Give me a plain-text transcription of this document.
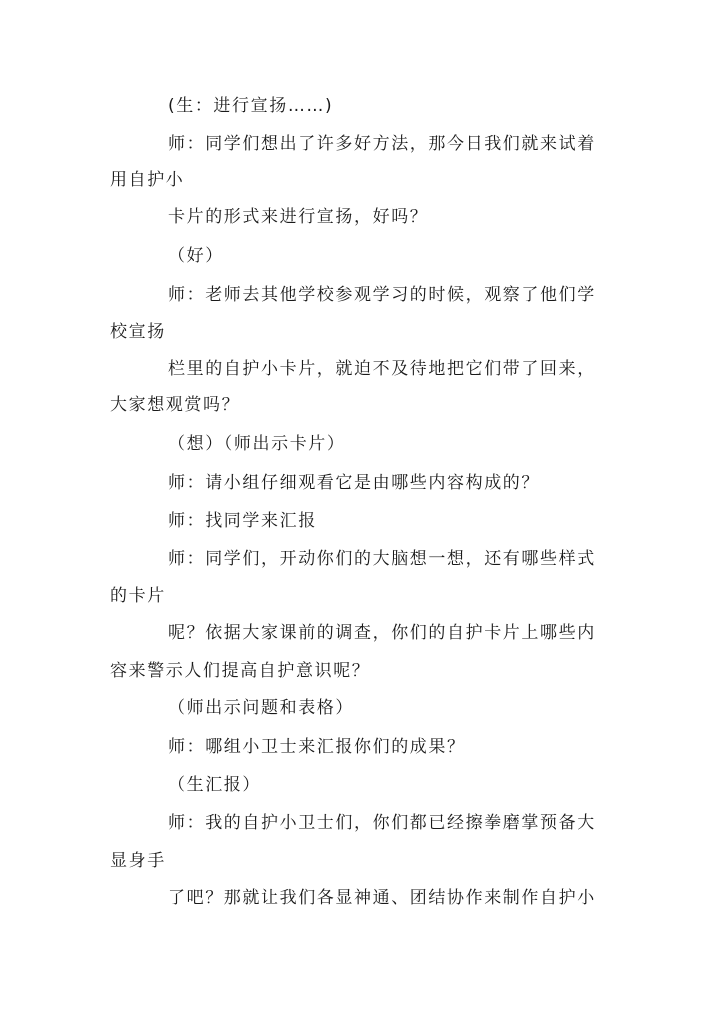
(生：进行宣扬……)
师：同学们想出了许多好方法，那今日我们就来试着
用自护小
卡片的形式来进行宣扬，好吗？
（好）
师：老师去其他学校参观学习的时候，观察了他们学
校宣扬
栏里的自护小卡片，就迫不及待地把它们带了回来，
大家想观赏吗？
（想）（师出示卡片）
师：请小组仔细观看它是由哪些内容构成的？
师：找同学来汇报
师：同学们，开动你们的大脑想一想，还有哪些样式
的卡片
呢？依据大家课前的调查，你们的自护卡片上哪些内
容来警示人们提高自护意识呢？
（师出示问题和表格）
师：哪组小卫士来汇报你们的成果？
（生汇报）
师：我的自护小卫士们，你们都已经擦拳磨掌预备大
显身手
了吧？那就让我们各显神通、团结协作来制作自护小
